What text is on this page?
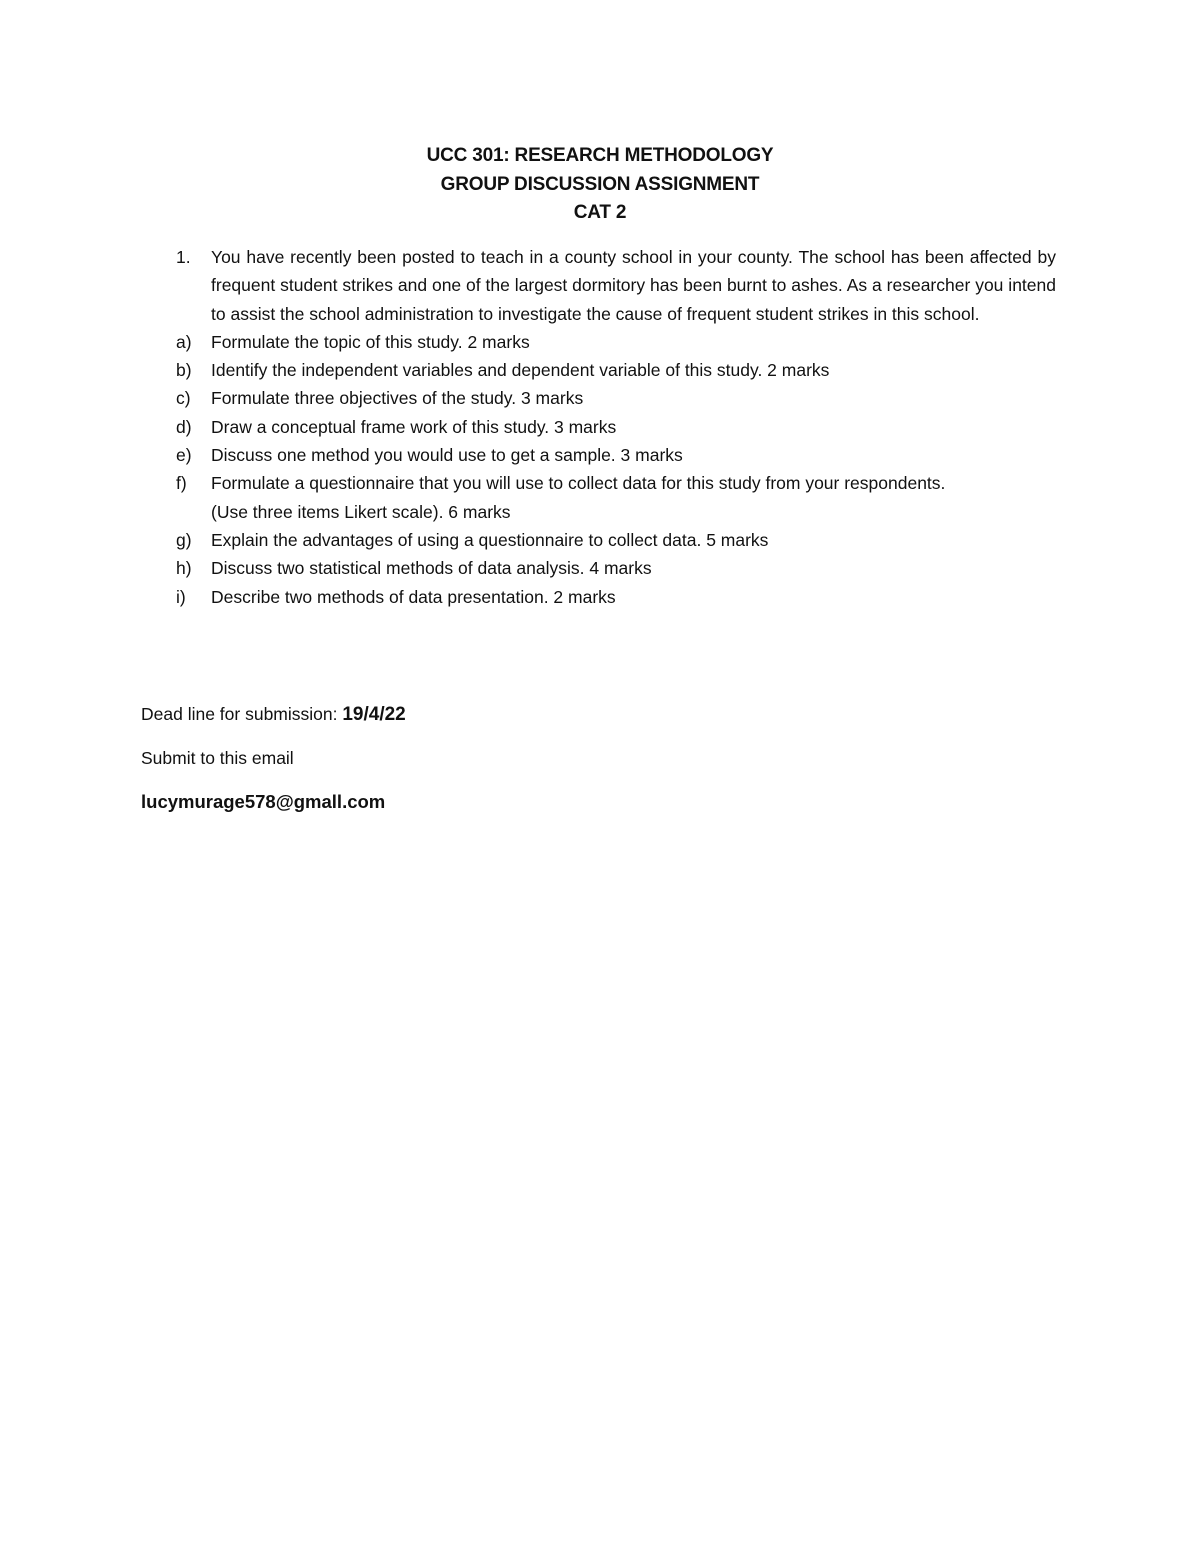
UCC 301: RESEARCH METHODOLOGY
GROUP DISCUSSION ASSIGNMENT
CAT 2
1. You have recently been posted to teach in a county school in your county. The school has been affected by frequent student strikes and one of the largest dormitory has been burnt to ashes. As a researcher you intend to assist the school administration to investigate the cause of frequent student strikes in this school.
a) Formulate the topic of this study. 2 marks
b) Identify the independent variables and dependent variable of this study. 2 marks
c) Formulate three objectives of the study. 3 marks
d) Draw a conceptual frame work of this study. 3 marks
e) Discuss one method you would use to get a sample. 3 marks
f) Formulate a questionnaire that you will use to collect data for this study from your respondents.
(Use three items Likert scale). 6 marks
g) Explain the advantages of using a questionnaire to collect data. 5 marks
h) Discuss two statistical methods of data analysis. 4 marks
i) Describe two methods of data presentation. 2 marks
Dead line for submission: 19/4/22
Submit to this email
lucymurage578@gmall.com
